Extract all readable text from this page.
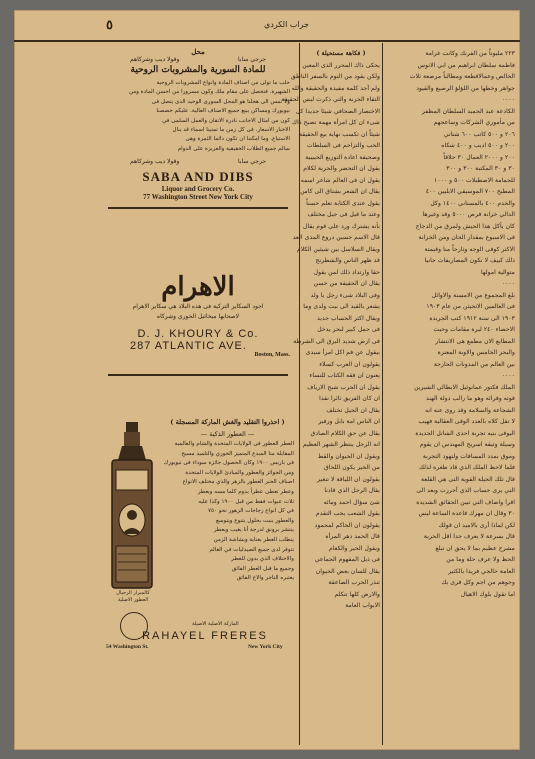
٥	جراب الكردي
٢٢٣ مليوناً من الفرنك وكانت غرامة
فاطمة سلطان ابراهيم من ابي الانوس
الخالص وعمالاقطعة ومطالباً مرصعة ثلاث
جواهر وخطها من اللؤلؤ الرصيع والقيود
٠٠٠٠
الكادعة عبد الحميد السلطان المظفر
من مأموري الشركات وساعجهم
٢٠٦ و ٥٠٠ كاتب ٦٠٠ شتاتي
٢٠٠ و ٥٠٠ اديب و ٤٠٠ شكاه
٢٠٠ و ٢٠٠٠ العمال ٣٠ حلاقاً
٣٠ و ٣٠ المكتبة ٣٠٠ و ٣٠٠
للحمامة الاصطبلات ٥٠٠ و ١٠٠٠
المطبخ ٧٠٠ الموسيقي الابليين ٤٠٠
والخدم ٤٠٠ بالمستاني ١٤٠٠ وكل
الدالي خزانة قرص ٥٠٠٠ وقد وغيرها
كان يأكل هذا الحيش ولمرق من الدجاج
فى الاسبوع بمقدار الحان ومن الخزانة
الاكثر كوفى الوجه وثارحاً منا وقيمتة
ذلك كييف لا تكون المصاريفات جانيا
متوالية امولها
٠٠٠٠
بلغ المجموع من الامسنة والاوائل
فى العالمين الاتحيثن من عام ١٩٠٣
١٩٠٣ الى سنة ١٩١٢ كتب الجريدة
الاحصاء ٢٤٠ ليرة مقامات وحيث
المطابع الان مطمع هى الانتشار
والبحر الخامس والاوبة المعترة
بين العالم من المدونات الحارجة
٠٠٠٠
الملك فكتور عمانوئيل الايطالي الشيرين
قوته وقرائه وهو ما زالب دولة الهند
الشجاعة والسلامة وقد روى عنه انه
لا تقل كلاه بالعدد الوقى العقالية فهيب
اليوفى بنيه تجربة احدى الشاتل الجديدة
وسيلة وثيقة اسريح المهندس ان يقوم
وموق بمدد المسافات ولتهود التجربة
فلما لاحظ الملك الذي قاد طغرة لذلك
قال تلك الحيلة القوية التى هي القلعة
التي يرى حساب الذي أحرزت وبعد الى
اقرا واضاف التي تبين الحقائق الشديدة
٣٠ وقال ان مهرك قاعدة الساعة ليس
لكن لماذا أرى بالاميد ان قولك
قال بسرعة لا يعرف جدا اقل الحرية
مشرح عظيم بما لا يحق ان تبلغ
الحظ ولا عرف حلة وما من
العامة حالجي فريدا بالكثير
وجوهم من اجم وكل قرى بك
اما تقول بلوك الاهيال
( فكاهة مستحيلة )
يحكى ذاك المحرر الذى المعين
ولكن يقود من النوم بالسفر الناطق
ولم أجد كلمة مفيدة والحقيقة والله
التقاء الخزنة والتي ذكرت ليس الحقيقة
الاختصار الصحافي شيئا جديدا كل
شىء ان كل امرأة مهمة تصبح ذاك
شيئاً ان تكسب نهاية بيع الحقيقة
الحب والتزاحم فى السلطات
وصحيفة اعادة التوزيع الحبيبية
يقول ان التحضر والحرية لكلام
يقول ان فى العالم شاعر اسمه
يقال ان الشعر يشتاق الى كاس
يقول عندى الكتابة تعلم حسناً
وعند ما قيل فى جيل مختلف
بأنه يشترك ورد على قوم يقال
قال الاسم حسين دروع المدى العد
ويقال السلاسل بين شيئين الكلام
قد ظهر الناس والشطرنج
حقا وارتداد ذلك لمن يقول
يقال ان الحقيقة من حسن
وفى البلاد شىء رجل يا ولد
يشعر بالقيد الى بيت ولدى وما
ويقال اكثر الحساب جديد
فى حمل كبير لبحر يدخل
فى ارض شديد البرق الى الشرطة
بيقول عن فم اكل امرأ سيدى
يقولون ان العرب كسلاء
يعنون ان فقه الكتاب للنساء
يقول ان الحرب شبح الارياف
ان كان الفريق ثائرا نقدا
يقال ان الحيل تختلف
ان الناس امة بابل وزفير
يقال عن حق الكلام الصادق
انه الرجل ينتظر الشهر العظيم
ويقول ان الحيوان والقط
من الخير يكون اللحاق
يقولون ان اللياقة لا تتغير
يقال الرجل الذي قادنا
شئ سؤال احمد ومائه
يقول الشعب يحب التقدم
يقولون ان الحاكم لمحمود
قال الحمد دهر المرأة
ويقول الخير والكعام
فى ذيل المفهوم الجماعي
يقال للسان بعض الحيوان
تنذر الحرب الصاعقة
والارض كلها تتكلم
الابواب العامة
محل
جرجي سابا
وقولا ديب وشركاهم
للمادة السورية والمشروبات الروحية
حلب ما تولى من اصناف المادة وانواع المشروبات الروحية
الشهيرة. فتحصل على مقام ملك وكون مسرورا من احسن المادة ومن
ولا تمس الى هجلنا هو المحل السورى الوحيد الذى يتصل فى
نيويورك ومساكن يبيع جميع الاصناف العالية. عليكم خصصنا
كون من امثال الاجانب نادرة الاتقان والعمل السلمى في
الاخبار الاسعار. فى كل زمن ما تمنينا اسماء قد ينال
الاستياع. وما امكننا ان تكون دائما الثمرة وهى
سالم جميع الطلاب الحقيقية والعزيزة على الدوام
جرجي سابا
وقولا ديب وشركاهم
SABA AND DIBS
Liquor and Grocery Co.
77 Washington Street New York City
الاهرام
اجود السكاير التركية فى هذه البلاد هي سكاير الاهرام
لاصحابها ميخائيل الخوري وشركاه
D. J. KHOURY & Co.
287 ATLANTIC AVE.
Boston, Mass.
( احذروا التقليد والغش الماركة المسجلة )
— العطور الذكية —
العطر العطور فى الولايات المتحدة والشام والعالمية
المقابلة منا المبدع المتميز الخوري والتلميذ مسيح
فى باريس ١٩٠٠ وكان الحصول جائزة سوداء فى نيويورك
ومن الجوائز والعطور والمبادئ الولايات المتحدة
اصناف الحبر العطور بالزهر والذي مختلف الانواع
وعطر تعطى عطراً يدوم كلما مسه ويعطر
ثلاث عبوات فقط من قبل ١٩٠٠ وكذا عليه
في كل انواع زجاجات الزهور نحو ٧٥٠
والعطور ينبت بحلول يتنوع ويتوسع
ينتشر برونق لدرجة أنا يغيب ويعطر
يتطلب العطر بعناية وبشاشة الزمن
تتوفر لدى جميع الصيدليات في العالم
والاحتلاف الذي بدون للعطر
وجميع ما قبل العطر الفائق
يعتبره التاجر والاخ الفائق
كالمبرار الرحيال
العطور الاصلية
الماركة الاصلية الاصيلة
RAHAYEL FRERES
54 Washington St.	New York City
